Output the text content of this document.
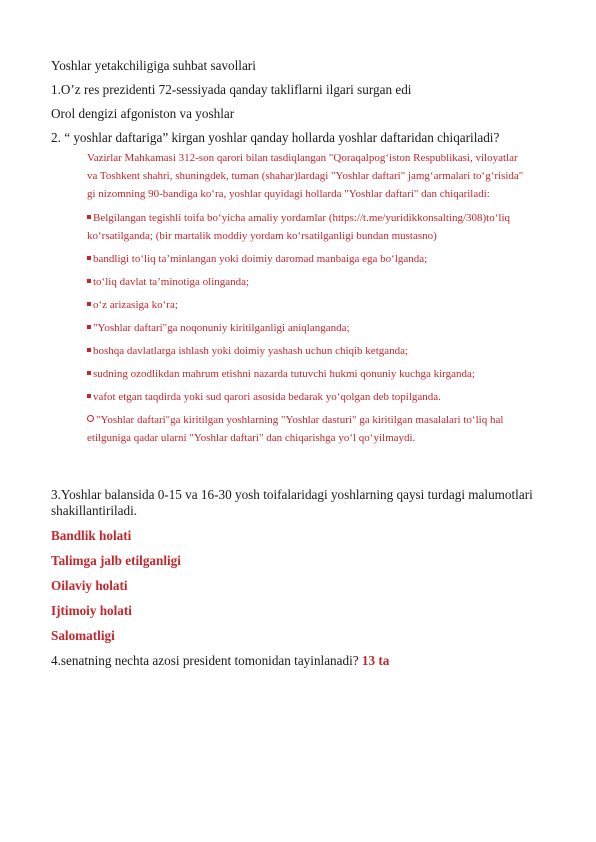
Yoshlar yetakchiligiga suhbat savollari
1.O’z res prezidenti 72-sessiyada qanday takliflarni ilgari surgan edi
Orol dengizi afgoniston va yoshlar
2. “ yoshlar daftariga” kirgan yoshlar qanday hollarda yoshlar daftaridan chiqariladi?

Vazirlar Mahkamasi 312-son qarori bilan tasdiqlangan "Qoraqalpog‘iston Respublikasi, viloyatlar va Toshkent shahri, shuningdek, tuman (shahar)lardagi "Yoshlar daftari" jamg‘armalari to‘g‘risida" gi nizomning 90-bandiga ko‘ra, yoshlar quyidagi hollarda "Yoshlar daftari" dan chiqariladi:

Belgilangan tegishli toifa bo‘yicha amaliy yordamlar (https://t.me/yuridikkonsalting/308)to‘liq ko‘rsatilganda; (bir martalik moddiy yordam ko‘rsatilganligi bundan mustasno)

bandligi to‘liq ta’minlangan yoki doimiy daromad manbaiga ega bo‘lganda;

to‘liq davlat ta’minotiga olinganda;

o‘z arizasiga ko‘ra;

"Yoshlar daftari"ga noqonuniy kiritilganligi aniqlanganda;

boshqa davlatlarga ishlash yoki doimiy yashash uchun chiqib ketganda;

sudning ozodlikdan mahrum etishni nazarda tutuvchi hukmi qonuniy kuchga kirganda;

vafot etgan taqdirda yoki sud qarori asosida bedarak yo‘qolgan deb topilganda.

"Yoshlar daftari"ga kiritilgan yoshlarning "Yoshlar dasturi" ga kiritilgan masalalari to‘liq hal etilguniga qadar ularni "Yoshlar daftari" dan chiqarishga yo‘l qo‘yilmaydi.

3.Yoshlar balansida 0-15 va 16-30 yosh toifalaridagi yoshlarning qaysi turdagi malumotlari shakillantiriladi.
Bandlik holati
Talimga jalb etilganligi
Oilaviy holati
Ijtimoiy holati
Salomatligi
4.senatning nechta azosi president tomonidan tayinlanadi? 13 ta
